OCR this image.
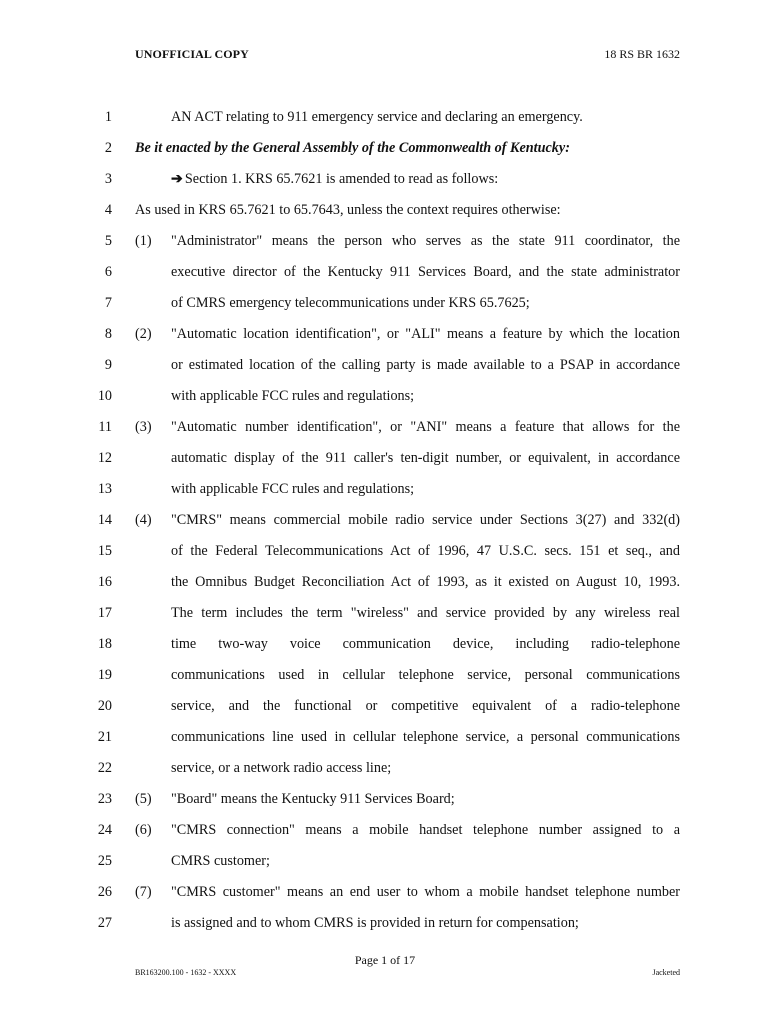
UNOFFICIAL COPY	18 RS BR 1632
1	AN ACT relating to 911 emergency service and declaring an emergency.
2 Be it enacted by the General Assembly of the Commonwealth of Kentucky:
3	➔ Section 1. KRS 65.7621 is amended to read as follows:
4 As used in KRS 65.7621 to 65.7643, unless the context requires otherwise:
5 (1) "Administrator" means the person who serves as the state 911 coordinator, the
6	executive director of the Kentucky 911 Services Board, and the state administrator
7	of CMRS emergency telecommunications under KRS 65.7625;
8 (2) "Automatic location identification", or "ALI" means a feature by which the location
9	or estimated location of the calling party is made available to a PSAP in accordance
10	with applicable FCC rules and regulations;
11 (3) "Automatic number identification", or "ANI" means a feature that allows for the
12	automatic display of the 911 caller's ten-digit number, or equivalent, in accordance
13	with applicable FCC rules and regulations;
14 (4) "CMRS" means commercial mobile radio service under Sections 3(27) and 332(d)
15	of the Federal Telecommunications Act of 1996, 47 U.S.C. secs. 151 et seq., and
16	the Omnibus Budget Reconciliation Act of 1993, as it existed on August 10, 1993.
17	The term includes the term "wireless" and service provided by any wireless real
18	time two-way voice communication device, including radio-telephone
19	communications used in cellular telephone service, personal communications
20	service, and the functional or competitive equivalent of a radio-telephone
21	communications line used in cellular telephone service, a personal communications
22	service, or a network radio access line;
23 (5) "Board" means the Kentucky 911 Services Board;
24 (6) "CMRS connection" means a mobile handset telephone number assigned to a
25	CMRS customer;
26 (7) "CMRS customer" means an end user to whom a mobile handset telephone number
27	is assigned and to whom CMRS is provided in return for compensation;
Page 1 of 17
BR163200.100 - 1632 - XXXX	Jacketed
